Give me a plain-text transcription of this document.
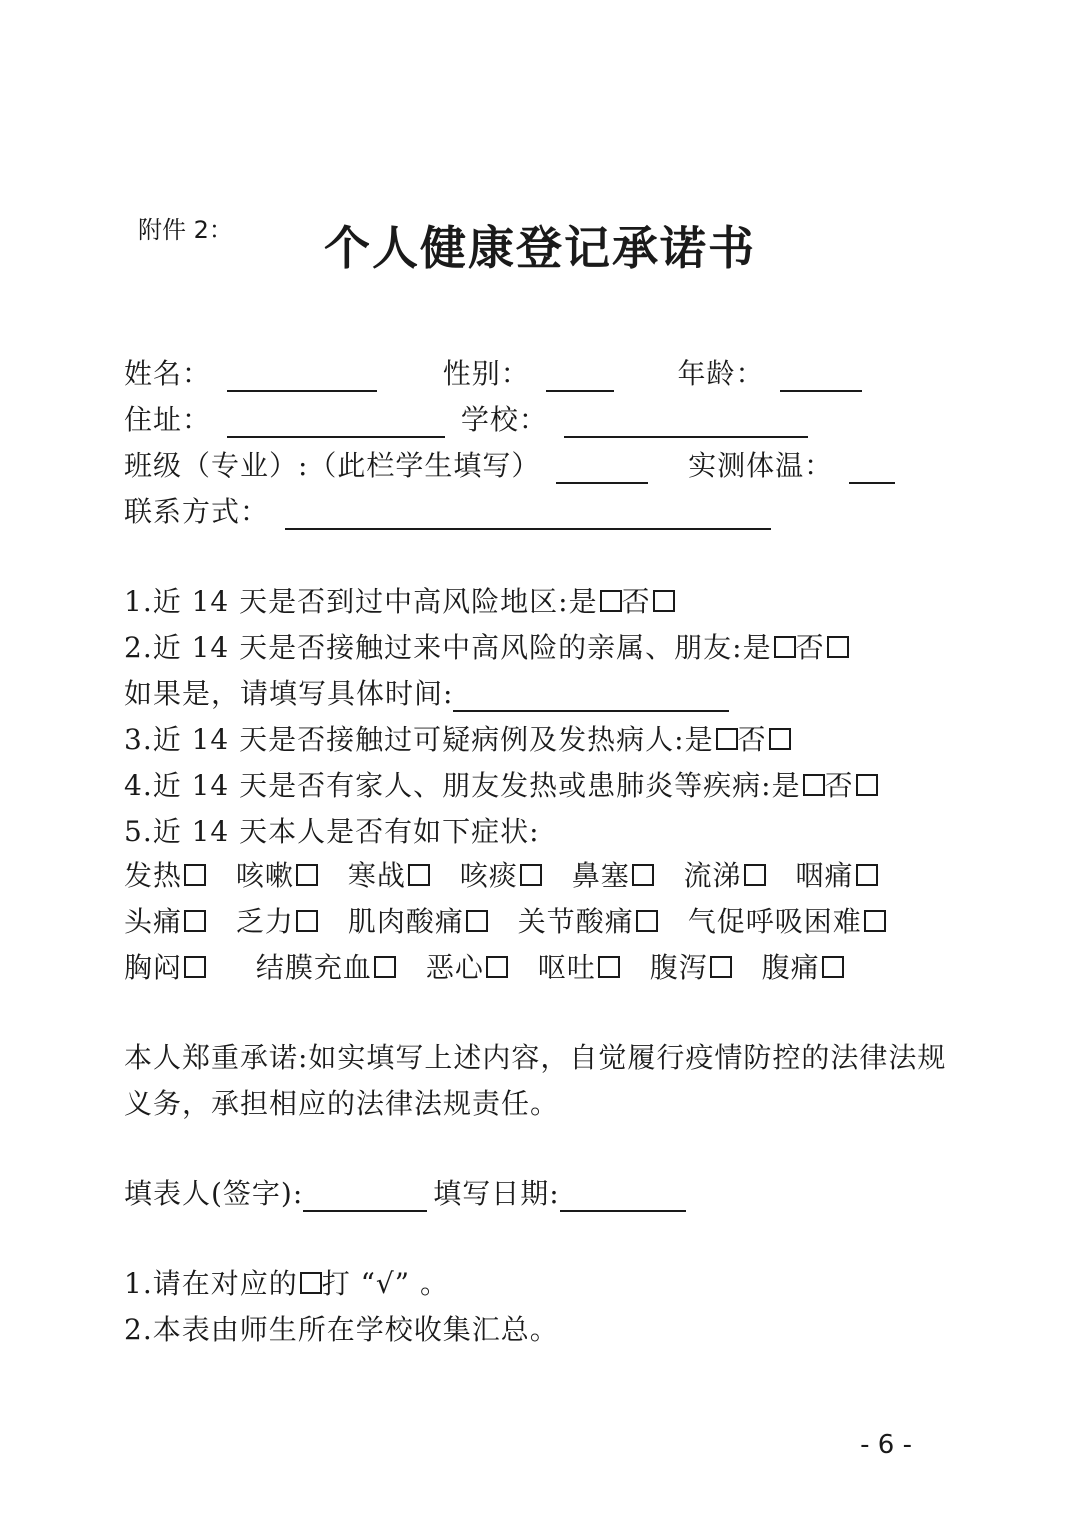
附件 2：	个人健康登记承诺书
姓名：	性别：	年龄：
住址：	学校：
班级（专业）:（此栏学生填写）	实测体温：
联系方式：
1.近 14 天是否到过中高风险地区:是 否
2.近 14 天是否接触过来中高风险的亲属、朋友:是 否
如果是，请填写具体时间:
3.近 14 天是否接触过可疑病例及发热病人:是 否
4.近 14 天是否有家人、朋友发热或患肺炎等疾病:是 否
5.近 14 天本人是否有如下症状:
发热 咳嗽 寒战 咳痰 鼻塞 流涕 咽痛
头痛 乏力 肌肉酸痛 关节酸痛 气促呼吸困难
胸闷	结膜充血 恶心 呕吐 腹泻 腹痛
本人郑重承诺:如实填写上述内容，自觉履行疫情防控的法律法规
义务，承担相应的法律法规责任。
填表人(签字):	填写日期:
1.请在对应的 打 “√” 。
2.本表由师生所在学校收集汇总。
- 6 -
